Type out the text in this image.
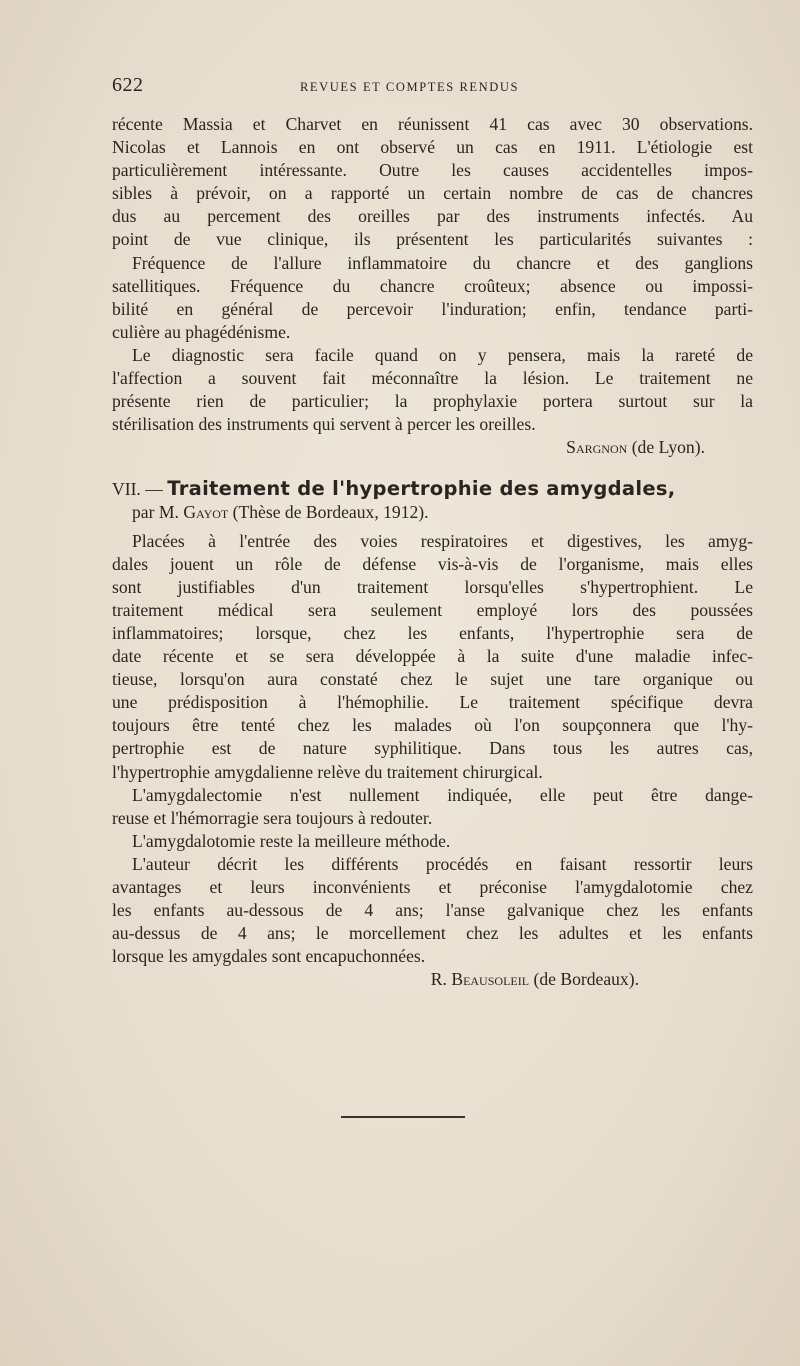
622	REVUES ET COMPTES RENDUS
récente Massia et Charvet en réunissent 41 cas avec 30 observations.
Nicolas et Lannois en ont observé un cas en 1911. L'étiologie est
particulièrement intéressante. Outre les causes accidentelles impos-
sibles à prévoir, on a rapporté un certain nombre de cas de chancres
dus au percement des oreilles par des instruments infectés. Au
point de vue clinique, ils présentent les particularités suivantes :
Fréquence de l'allure inflammatoire du chancre et des ganglions
satellitiques. Fréquence du chancre croûteux; absence ou impossi-
bilité en général de percevoir l'induration; enfin, tendance parti-
culière au phagédénisme.
Le diagnostic sera facile quand on y pensera, mais la rareté de
l'affection a souvent fait méconnaître la lésion. Le traitement ne
présente rien de particulier; la prophylaxie portera surtout sur la
stérilisation des instruments qui servent à percer les oreilles.
Sargnon (de Lyon).
VII. — Traitement de l'hypertrophie des amygdales,
par M. Gayot (Thèse de Bordeaux, 1912).
Placées à l'entrée des voies respiratoires et digestives, les amyg-
dales jouent un rôle de défense vis-à-vis de l'organisme, mais elles
sont justifiables d'un traitement lorsqu'elles s'hypertrophient. Le
traitement médical sera seulement employé lors des poussées
inflammatoires; lorsque, chez les enfants, l'hypertrophie sera de
date récente et se sera développée à la suite d'une maladie infec-
tieuse, lorsqu'on aura constaté chez le sujet une tare organique ou
une prédisposition à l'hémophilie. Le traitement spécifique devra
toujours être tenté chez les malades où l'on soupçonnera que l'hy-
pertrophie est de nature syphilitique. Dans tous les autres cas,
l'hypertrophie amygdalienne relève du traitement chirurgical.
L'amygdalectomie n'est nullement indiquée, elle peut être dange-
reuse et l'hémorragie sera toujours à redouter.
L'amygdalotomie reste la meilleure méthode.
L'auteur décrit les différents procédés en faisant ressortir leurs
avantages et leurs inconvénients et préconise l'amygdalotomie chez
les enfants au-dessous de 4 ans; l'anse galvanique chez les enfants
au-dessus de 4 ans; le morcellement chez les adultes et les enfants
lorsque les amygdales sont encapuchonnées.
R. Beausoleil (de Bordeaux).
